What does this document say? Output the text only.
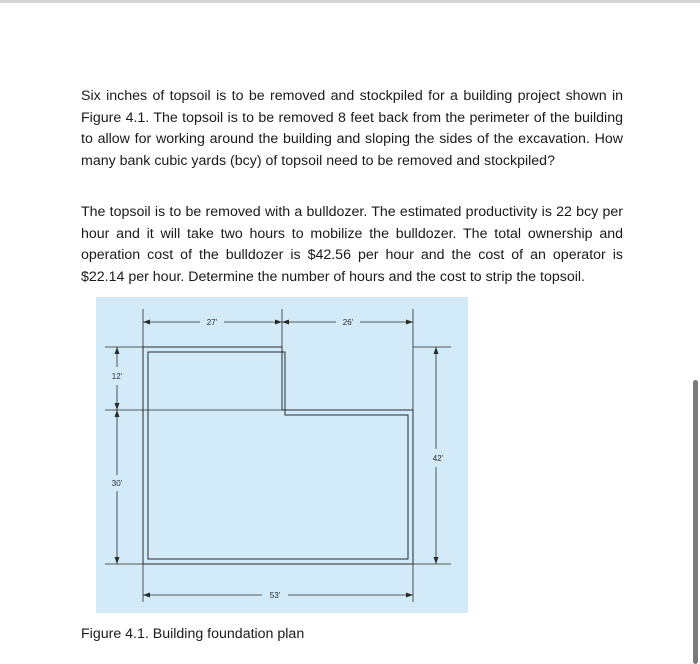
Six inches of topsoil is to be removed and stockpiled for a building project shown in Figure 4.1. The topsoil is to be removed 8 feet back from the perimeter of the building to allow for working around the building and sloping the sides of the excavation. How many bank cubic yards (bcy) of topsoil need to be removed and stockpiled?

The topsoil is to be removed with a bulldozer. The estimated productivity is 22 bcy per hour and it will take two hours to mobilize the bulldozer. The total ownership and operation cost of the bulldozer is $42.56 per hour and the cost of an operator is $22.14 per hour. Determine the number of hours and the cost to strip the topsoil.

27'	26'
12'
30'
42'
53'

Figure 4.1. Building foundation plan
